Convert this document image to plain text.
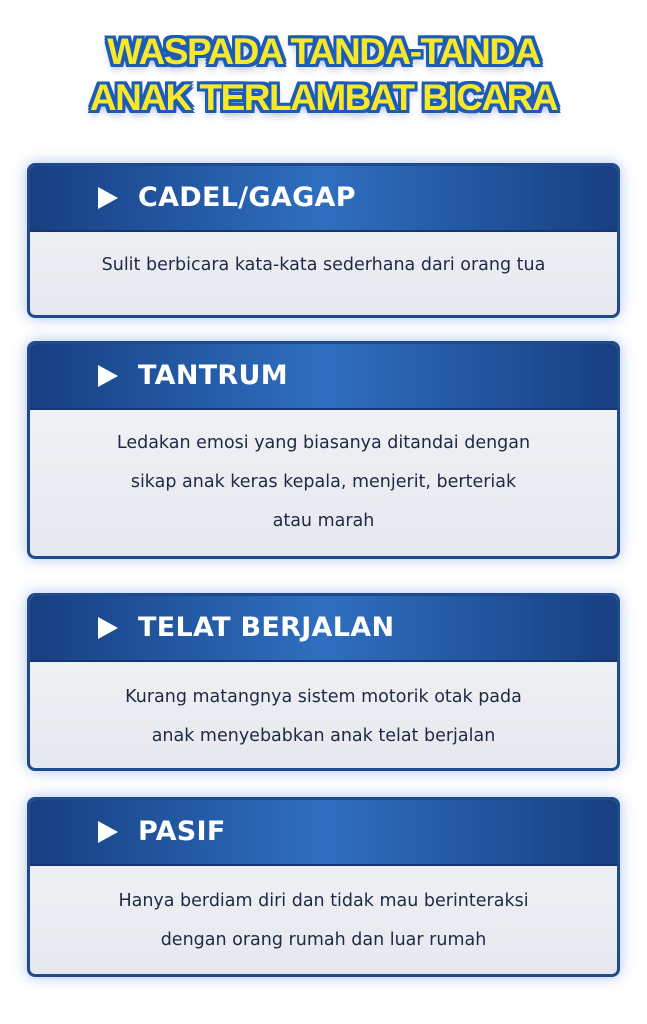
WASPADA TANDA-TANDA
ANAK TERLAMBAT BICARA
CADEL/GAGAP
Sulit berbicara kata-kata sederhana dari orang tua
TANTRUM
Ledakan emosi yang biasanya ditandai dengan
sikap anak keras kepala, menjerit, berteriak
atau marah
TELAT BERJALAN
Kurang matangnya sistem motorik otak pada
anak menyebabkan anak telat berjalan
PASIF
Hanya berdiam diri dan tidak mau berinteraksi
dengan orang rumah dan luar rumah
